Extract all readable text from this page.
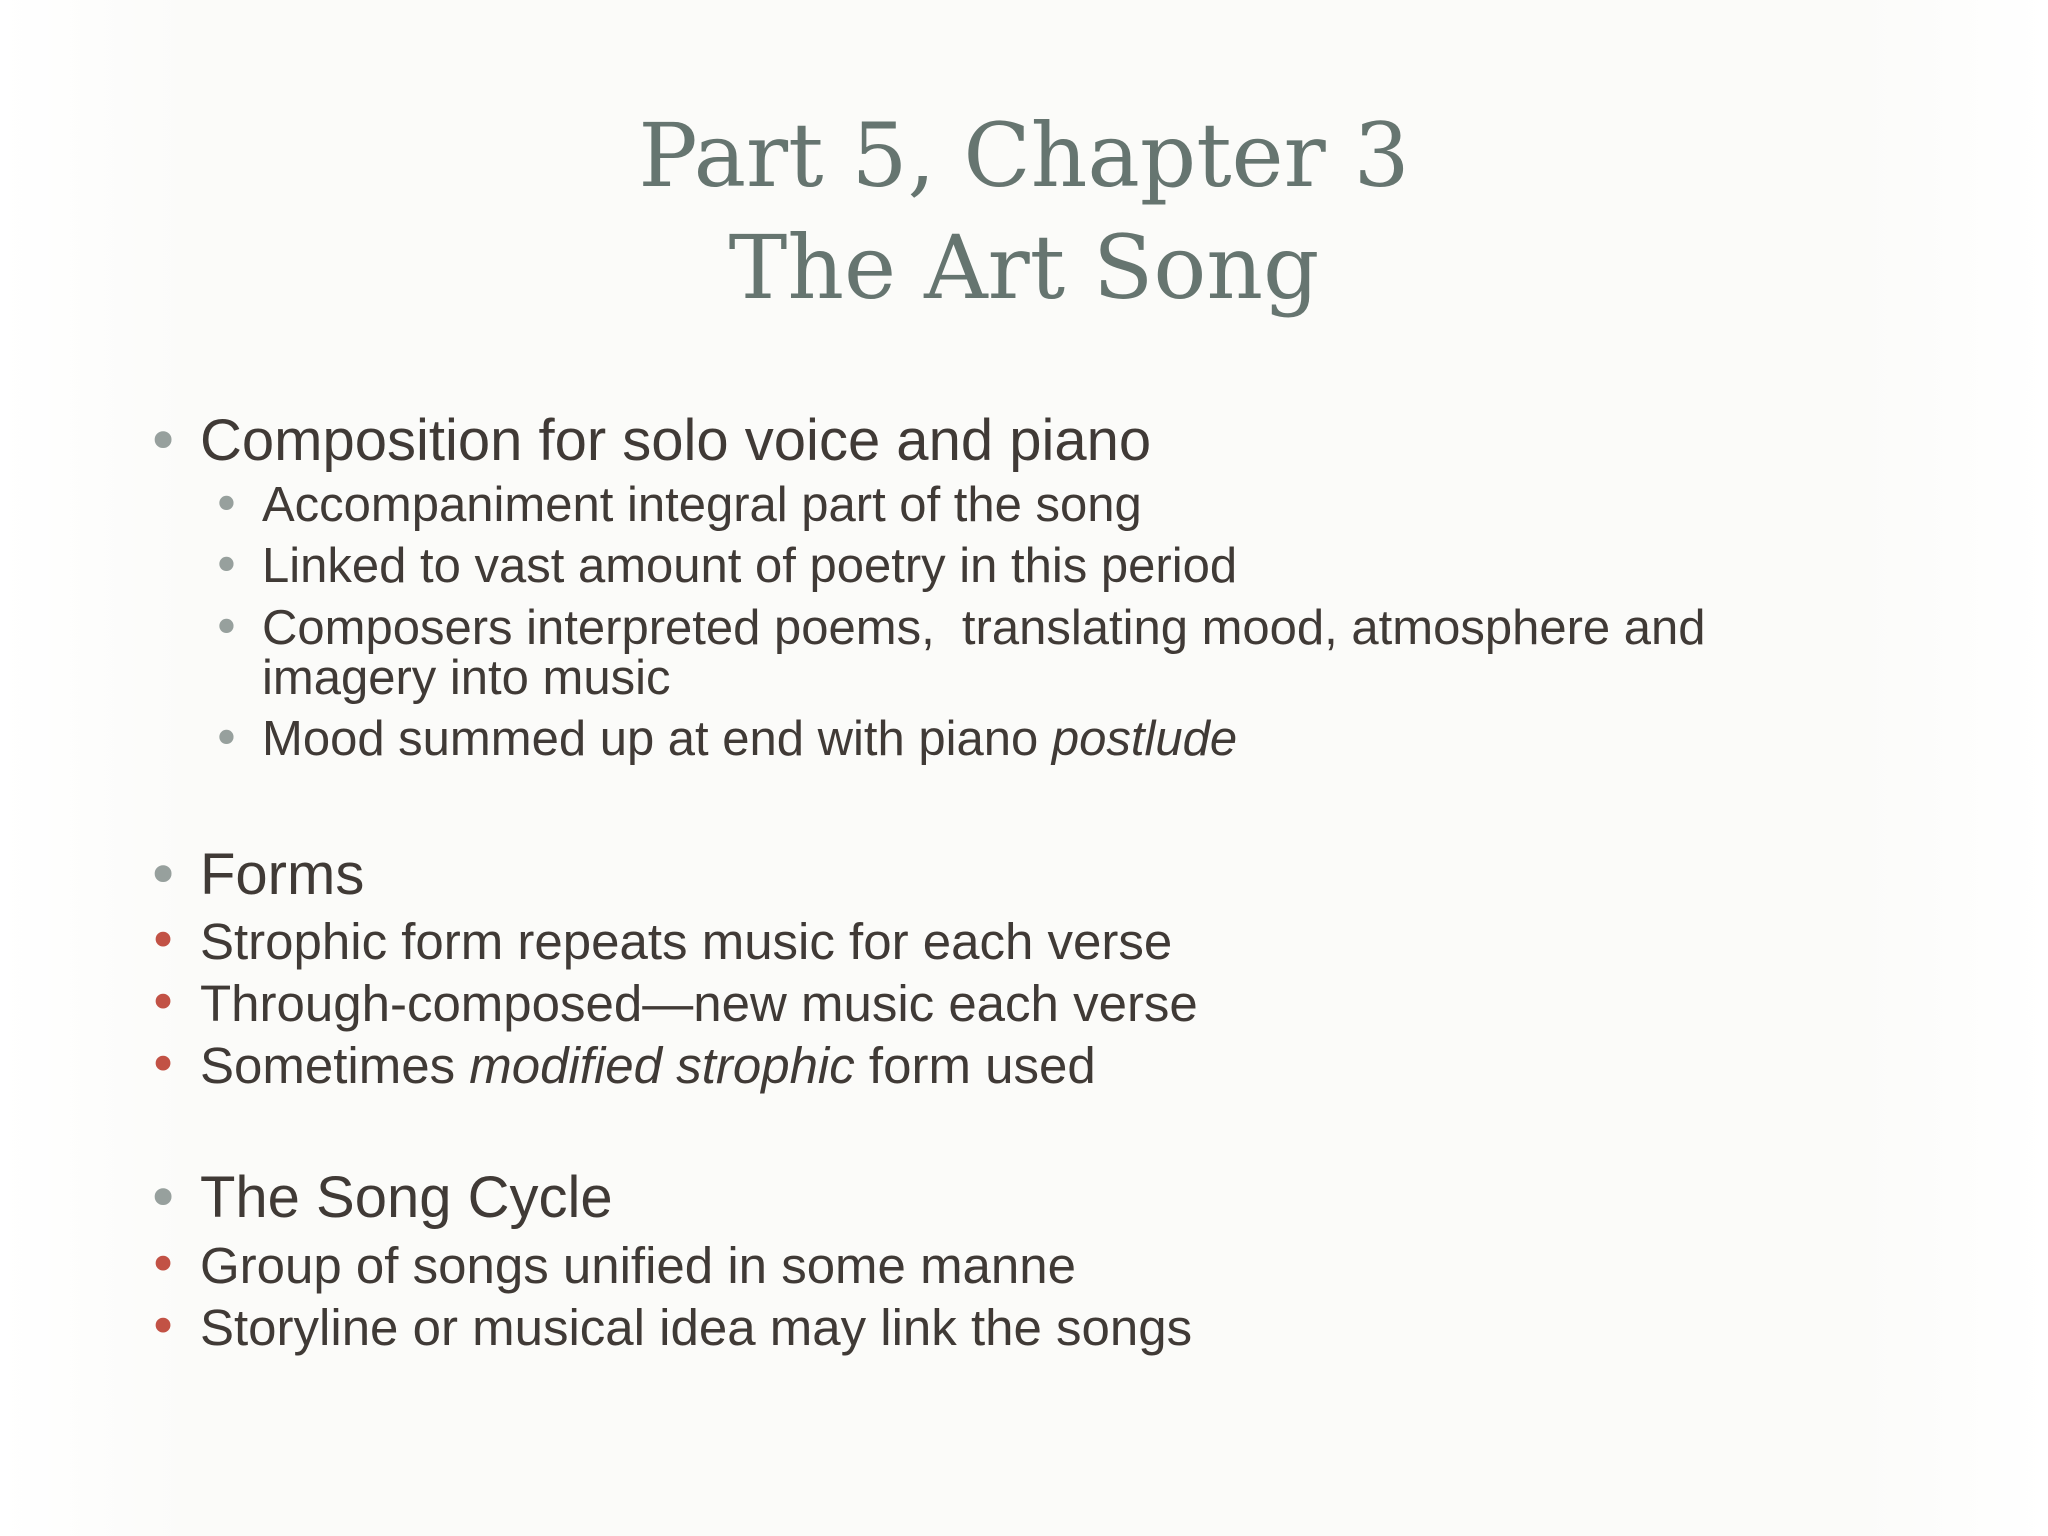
Part 5, Chapter 3
The Art Song
• Composition for solo voice and piano
• Accompaniment integral part of the song
• Linked to vast amount of poetry in this period
• Composers interpreted poems,  translating mood, atmosphere and
imagery into music
• Mood summed up at end with piano postlude
• Forms
• Strophic form repeats music for each verse
• Through-composed—new music each verse
• Sometimes modified strophic form used
• The Song Cycle
• Group of songs unified in some manne
• Storyline or musical idea may link the songs
